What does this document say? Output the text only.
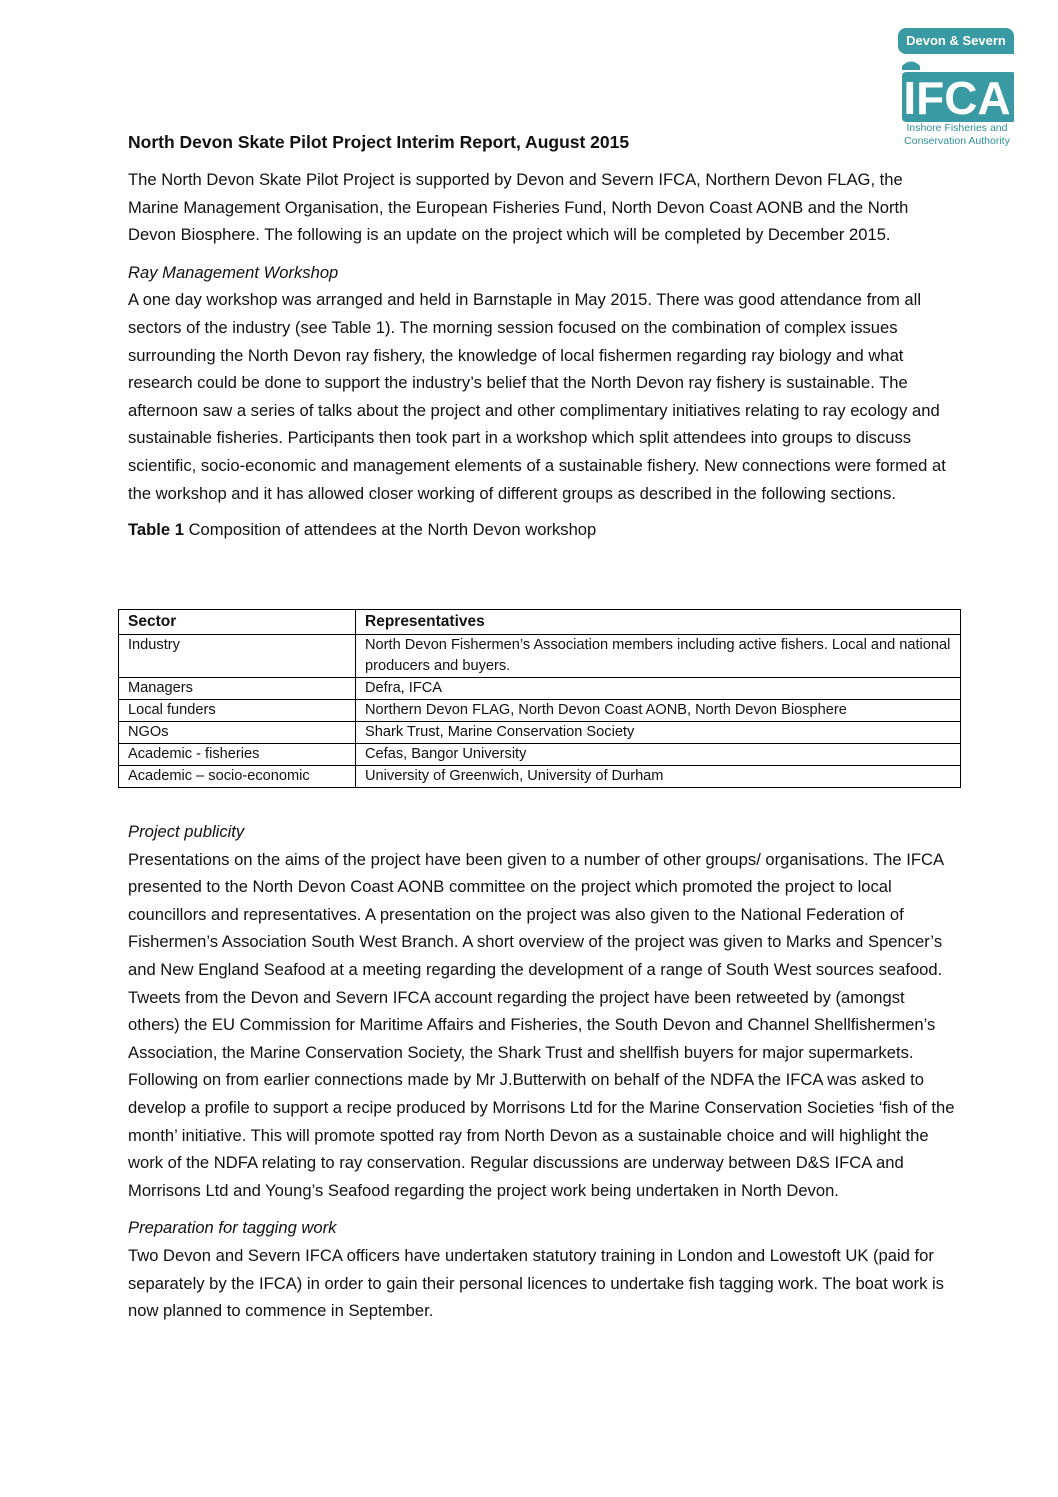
Devon & Severn
IFCA
Inshore Fisheries and
Conservation Authority
North Devon Skate Pilot Project Interim Report, August 2015

The North Devon Skate Pilot Project is supported by Devon and Severn IFCA, Northern Devon FLAG, the Marine Management Organisation, the European Fisheries Fund, North Devon Coast AONB and the North Devon Biosphere. The following is an update on the project which will be completed by December 2015.

Ray Management Workshop

A one day workshop was arranged and held in Barnstaple in May 2015. There was good attendance from all sectors of the industry (see Table 1). The morning session focused on the combination of complex issues surrounding the North Devon ray fishery, the knowledge of local fishermen regarding ray biology and what research could be done to support the industry’s belief that the North Devon ray fishery is sustainable. The afternoon saw a series of talks about the project and other complimentary initiatives relating to ray ecology and sustainable fisheries. Participants then took part in a workshop which split attendees into groups to discuss scientific, socio-economic and management elements of a sustainable fishery. New connections were formed at the workshop and it has allowed closer working of different groups as described in the following sections.

Table 1 Composition of attendees at the North Devon workshop

Sector	Representatives
Industry	North Devon Fishermen’s Association members including active fishers. Local and national producers and buyers.
Managers	Defra, IFCA
Local funders	Northern Devon FLAG, North Devon Coast AONB, North Devon Biosphere
NGOs	Shark Trust, Marine Conservation Society
Academic - fisheries	Cefas, Bangor University
Academic – socio-economic	University of Greenwich, University of Durham

Project publicity

Presentations on the aims of the project have been given to a number of other groups/ organisations. The IFCA presented to the North Devon Coast AONB committee on the project which promoted the project to local councillors and representatives. A presentation on the project was also given to the National Federation of Fishermen’s Association South West Branch. A short overview of the project was given to Marks and Spencer’s and New England Seafood at a meeting regarding the development of a range of South West sources seafood. Tweets from the Devon and Severn IFCA account regarding the project have been retweeted by (amongst others) the EU Commission for Maritime Affairs and Fisheries, the South Devon and Channel Shellfishermen’s Association, the Marine Conservation Society, the Shark Trust and shellfish buyers for major supermarkets. Following on from earlier connections made by Mr J.Butterwith on behalf of the NDFA the IFCA was asked to develop a profile to support a recipe produced by Morrisons Ltd for the Marine Conservation Societies ‘fish of the month’ initiative. This will promote spotted ray from North Devon as a sustainable choice and will highlight the work of the NDFA relating to ray conservation. Regular discussions are underway between D&S IFCA and Morrisons Ltd and Young’s Seafood regarding the project work being undertaken in North Devon.

Preparation for tagging work

Two Devon and Severn IFCA officers have undertaken statutory training in London and Lowestoft UK (paid for separately by the IFCA) in order to gain their personal licences to undertake fish tagging work. The boat work is now planned to commence in September.
